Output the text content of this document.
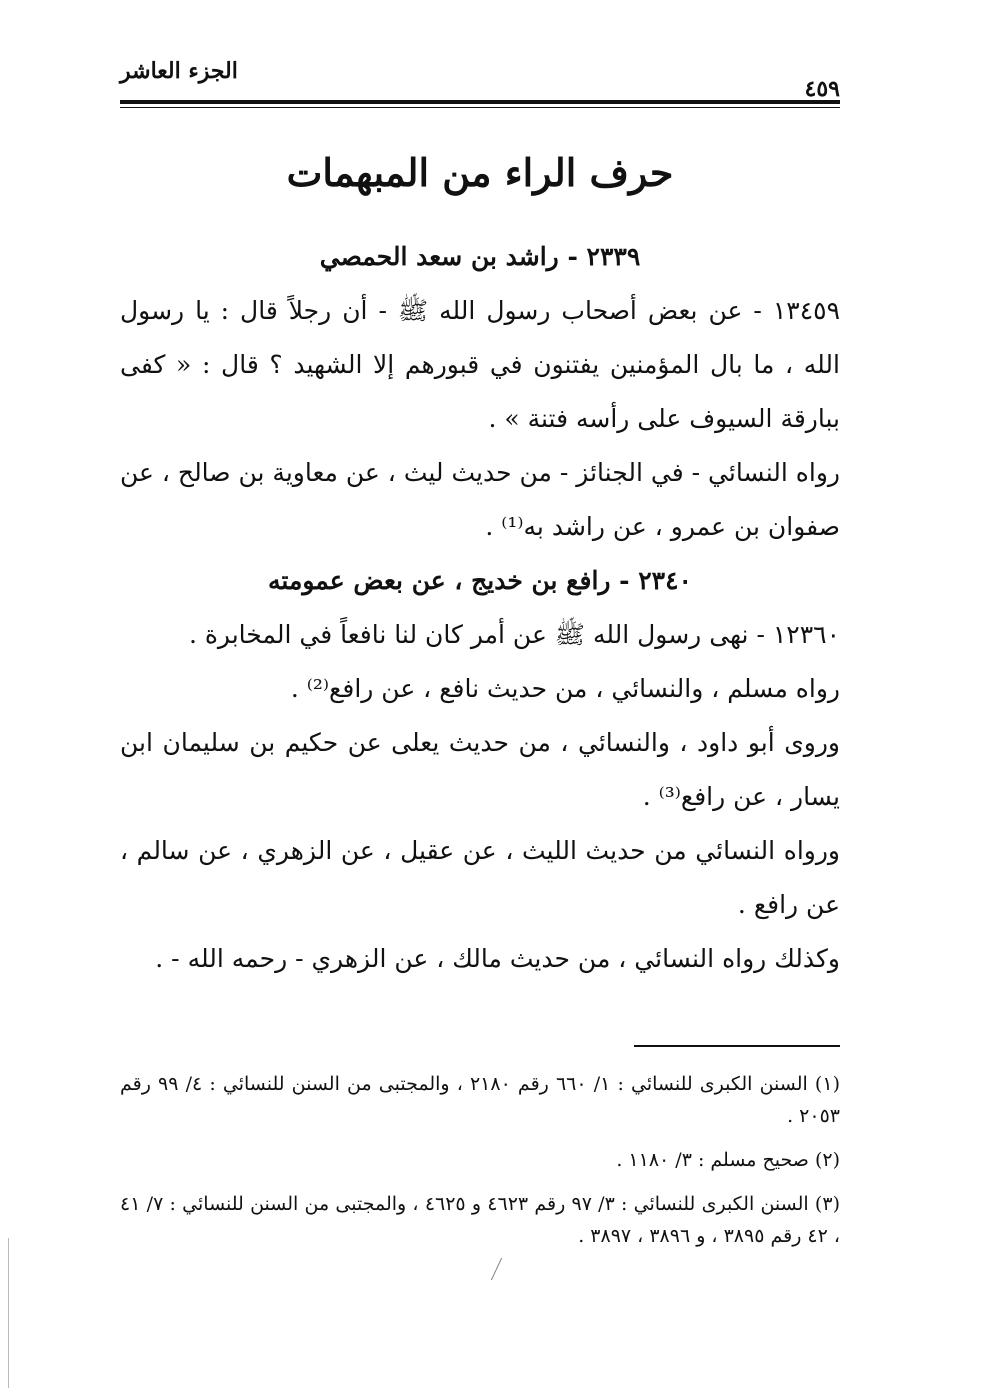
الجزء العاشر
٤٥٩
حرف الراء من المبهمات

٢٣٣٩ - راشد بن سعد الحمصي

١٣٤٥٩ - عن بعض أصحاب رسول الله ﷺ - أن رجلاً قال : يا رسول الله ، ما بال المؤمنين يفتنون في قبورهم إلا الشهيد ؟ قال : « كفى ببارقة السيوف على رأسه فتنة » .

رواه النسائي - في الجنائز - من حديث ليث ، عن معاوية بن صالح ، عن صفوان بن عمرو ، عن راشد به⁽¹⁾ .

٢٣٤٠ - رافع بن خديج ، عن بعض عمومته

١٢٣٦٠ - نهى رسول الله ﷺ عن أمر كان لنا نافعاً في المخابرة .

رواه مسلم ، والنسائي ، من حديث نافع ، عن رافع⁽²⁾ .

وروى أبو داود ، والنسائي ، من حديث يعلى عن حكيم بن سليمان ابن يسار ، عن رافع⁽³⁾ .

ورواه النسائي من حديث الليث ، عن عقيل ، عن الزهري ، عن سالم ، عن رافع .

وكذلك رواه النسائي ، من حديث مالك ، عن الزهري - رحمه الله - .

(١) السنن الكبرى للنسائي : ١/ ٦٦٠ رقم ٢١٨٠ ، والمجتبى من السنن للنسائي : ٤/ ٩٩ رقم ٢٠٥٣ .

(٢) صحيح مسلم : ٣/ ١١٨٠ .

(٣) السنن الكبرى للنسائي : ٣/ ٩٧ رقم ٤٦٢٣ و ٤٦٢٥ ، والمجتبى من السنن للنسائي : ٧/ ٤١ ، ٤٢ رقم ٣٨٩٥ ، و ٣٨٩٦ ، ٣٨٩٧ .
